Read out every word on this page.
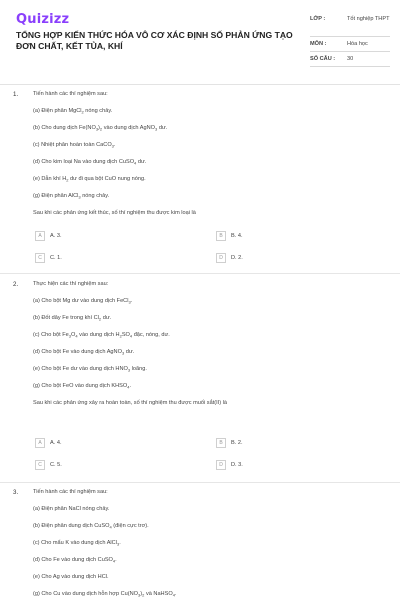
Quizizz
TỔNG HỢP KIẾN THỨC HÓA VÔ CƠ XÁC ĐỊNH SỐ PHẢN ỨNG TẠO ĐƠN CHẤT, KẾT TỦA, KHÍ
LỚP :	Tốt nghiệp THPT
MÔN :	Hóa học
SỐ CÂU :	30
1.	Tiến hành các thí nghiệm sau:
(a) Điện phân MgCl$_2$ nóng chảy.
(b) Cho dung dịch $Fe(NO_3)_2$ vào dung dịch AgNO$_3$ dư.
(c) Nhiệt phân hoàn toàn CaCO$_3$.
(d) Cho kim loại Na vào dung dịch CuSO$_4$ dư.
(e) Dẫn khí $H_2$ dư đi qua bột CuO nung nóng.
(g) Điện phân AlCl$_3$ nóng chảy.
Sau khi các phản ứng kết thúc, số thí nghiệm thu được kim loại là
A	A. 3.	B	B. 4.
C	C. 1.	D	D. 2.
2.	Thực hiện các thí nghiệm sau:
(a) Cho bột Mg dư vào dung dịch FeCl$_3$.
(b) Đốt dây Fe trong khí $Cl_2$ dư.
(c) Cho bột $Fe_3O_4$ vào dung dịch $H_2SO_4$ đặc, nóng, dư.
(d) Cho bột Fe vào dung dịch AgNO$_3$ dư.
(e) Cho bột Fe dư vào dung dịch $HNO_3$ loãng.
(g) Cho bột FeO vào dung dịch $KHSO_4$.
Sau khi các phản ứng xảy ra hoàn toàn, số thí nghiệm thu được muối sắt(II) là
A	A. 4.	B	B. 2.
C	C. 5.	D	D. 3.
3.	Tiến hành các thí nghiệm sau:
(a) Điện phân NaCl nóng chảy.
(b) Điện phân dung dịch CuSO$_4$ (điện cực trơ).
(c) Cho mẩu K vào dung dịch AlCl$_3$.
(d) Cho Fe vào dung dịch CuSO$_4$.
(e) Cho Ag vào dung dịch HCl.
(g) Cho Cu vào dung dịch hỗn hợp $Cu(NO_3)_2$ và NaHSO$_4$.
